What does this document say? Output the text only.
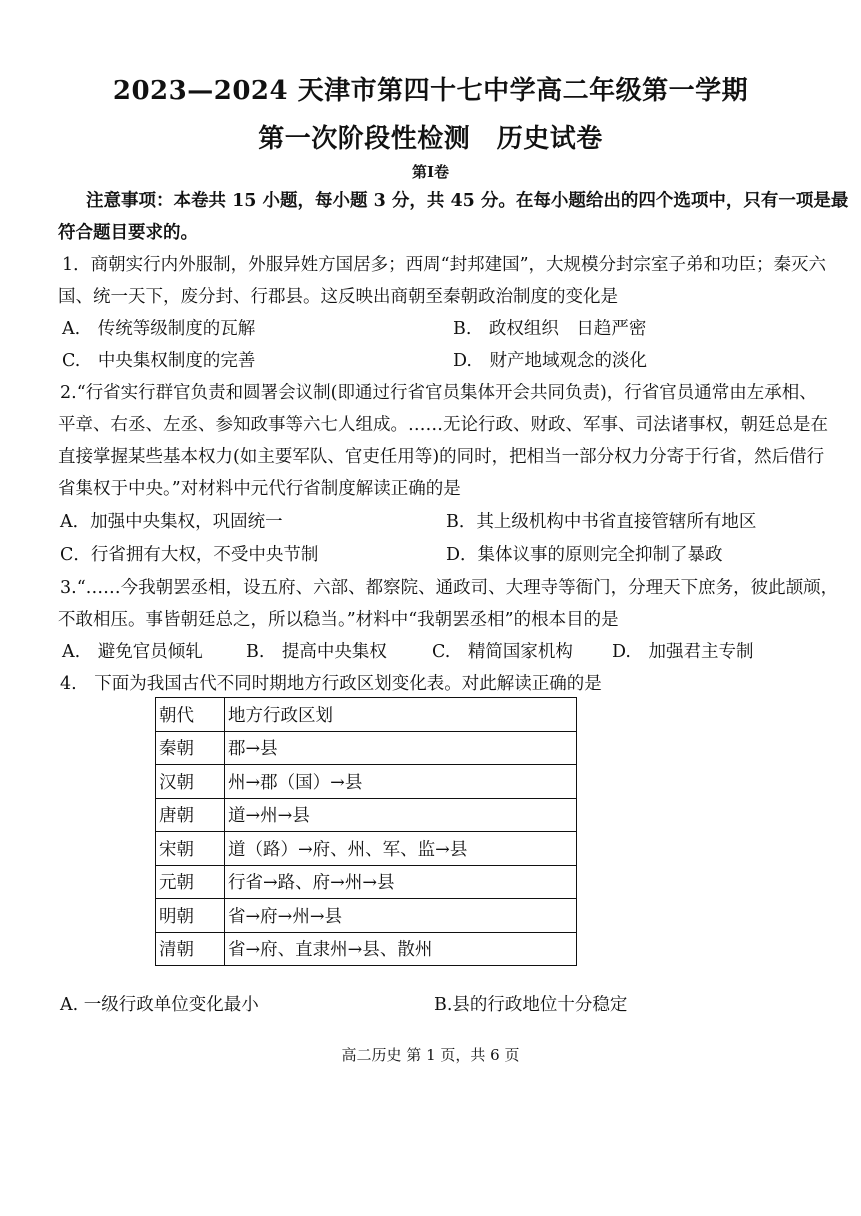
2023—2024 天津市第四十七中学高二年级第一学期
第一次阶段性检测　历史试卷
第Ⅰ卷
注意事项：本卷共 15 小题，每小题 3 分，共 45 分。在每小题给出的四个选项中，只有一项是最
符合题目要求的。
1．商朝实行内外服制，外服异姓方国居多；西周“封邦建国”，大规模分封宗室子弟和功臣；秦灭六
国、统一天下，废分封、行郡县。这反映出商朝至秦朝政治制度的变化是
A.　传统等级制度的瓦解	B.　政权组织　日趋严密
C.　中央集权制度的完善	D.　财产地域观念的淡化
2.“行省实行群官负责和圆署会议制(即通过行省官员集体开会共同负责)，行省官员通常由左承相、
平章、右丞、左丞、参知政事等六七人组成。……无论行政、财政、军事、司法诸事权，朝廷总是在
直接掌握某些基本权力(如主要军队、官吏任用等)的同时，把相当一部分权力分寄于行省，然后借行
省集权于中央。”对材料中元代行省制度解读正确的是
A．加强中央集权，巩固统一	B．其上级机构中书省直接管辖所有地区
C．行省拥有大权，不受中央节制	D．集体议事的原则完全抑制了暴政
3.“……今我朝罢丞相，设五府、六部、都察院、通政司、大理寺等衙门，分理天下庶务，彼此颉颃，
不敢相压。事皆朝廷总之，所以稳当。”材料中“我朝罢丞相”的根本目的是
A.　避免官员倾轧 B.　提高中央集权	C.　精简国家机构 D.　加强君主专制
4.　下面为我国古代不同时期地方行政区划变化表。对此解读正确的是
朝代	地方行政区划
秦朝	郡→县
汉朝	州→郡（国）→县
唐朝	道→州→县
宋朝	道（路）→府、州、军、监→县
元朝	行省→路、府→州→县
明朝	省→府→州→县
清朝	省→府、直隶州→县、散州
A. 一级行政单位变化最小	B.县的行政地位十分稳定
高二历史 第 1 页，共 6 页
